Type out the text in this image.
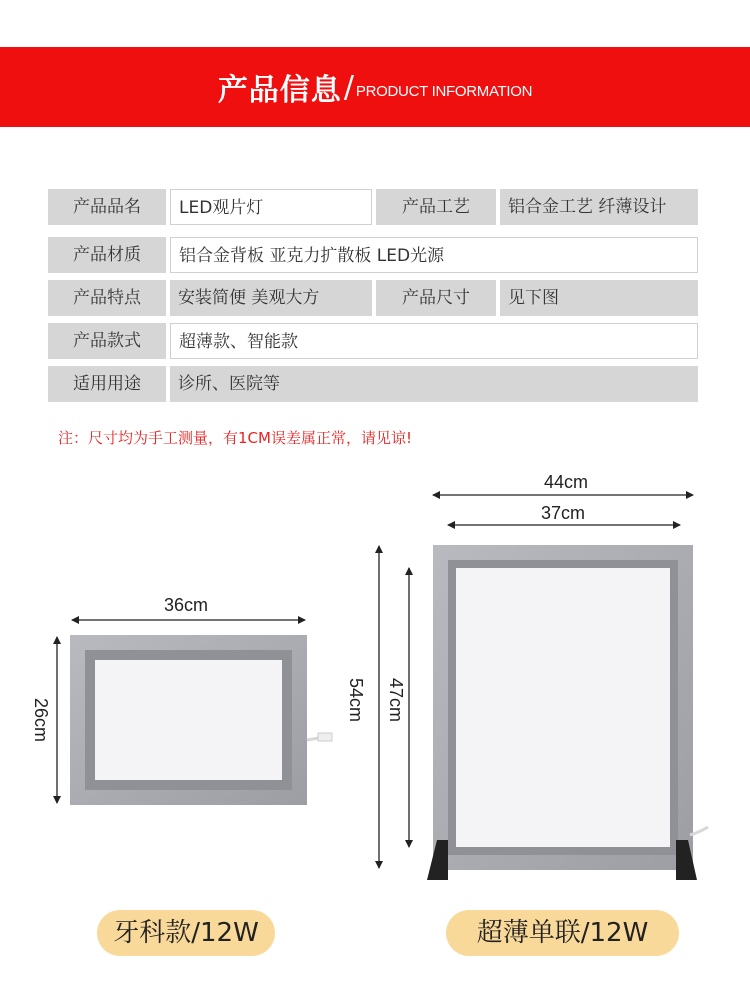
产品信息 / PRODUCT INFORMATION
产品品名	LED观片灯	产品工艺	铝合金工艺 纤薄设计
产品材质	铝合金背板 亚克力扩散板 LED光源
产品特点	安装简便 美观大方	产品尺寸	见下图
产品款式	超薄款、智能款
适用用途	诊所、医院等
注：尺寸均为手工测量，有1CM误差属正常，请见谅!
36cm
26cm
44cm
37cm
54cm 47cm
牙科款/12W	超薄单联/12W
